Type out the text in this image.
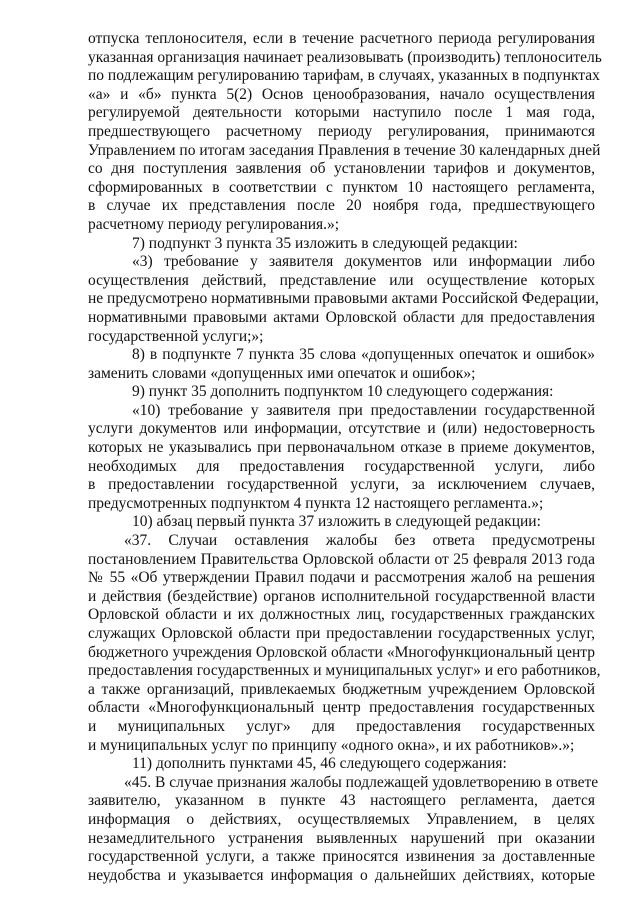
отпуска теплоносителя, если в течение расчетного периода регулирования

указанная организация начинает реализовывать (производить) теплоноситель

по подлежащим регулированию тарифам, в случаях, указанных в подпунктах

«а» и «б» пункта 5(2) Основ ценообразования, начало осуществления

регулируемой деятельности которыми наступило после 1 мая года,

предшествующего расчетному периоду регулирования, принимаются

Управлением по итогам заседания Правления в течение 30 календарных дней

со дня поступления заявления об установлении тарифов и документов,

сформированных в соответствии с пунктом 10 настоящего регламента,

в случае их представления после 20 ноября года, предшествующего

расчетному периоду регулирования.»;

7) подпункт 3 пункта 35 изложить в следующей редакции:

«3) требование у заявителя документов или информации либо

осуществления действий, представление или осуществление которых

не предусмотрено нормативными правовыми актами Российской Федерации,

нормативными правовыми актами Орловской области для предоставления

государственной услуги;»;

8) в подпункте 7 пункта 35 слова «допущенных опечаток и ошибок»

заменить словами «допущенных ими опечаток и ошибок»;

9) пункт 35 дополнить подпунктом 10 следующего содержания:

«10) требование у заявителя при предоставлении государственной

услуги документов или информации, отсутствие и (или) недостоверность

которых не указывались при первоначальном отказе в приеме документов,

необходимых для предоставления государственной услуги, либо

в предоставлении государственной услуги, за исключением случаев,

предусмотренных подпунктом 4 пункта 12 настоящего регламента.»;

10) абзац первый пункта 37 изложить в следующей редакции:

«37. Случаи оставления жалобы без ответа предусмотрены

постановлением Правительства Орловской области от 25 февраля 2013 года

№ 55 «Об утверждении Правил подачи и рассмотрения жалоб на решения

и действия (бездействие) органов исполнительной государственной власти

Орловской области и их должностных лиц, государственных гражданских

служащих Орловской области при предоставлении государственных услуг,

бюджетного учреждения Орловской области «Многофункциональный центр

предоставления государственных и муниципальных услуг» и его работников,

а также организаций, привлекаемых бюджетным учреждением Орловской

области «Многофункциональный центр предоставления государственных

и муниципальных услуг» для предоставления государственных

и муниципальных услуг по принципу «одного окна», и их работников».»;

11) дополнить пунктами 45, 46 следующего содержания:

«45. В случае признания жалобы подлежащей удовлетворению в ответе

заявителю, указанном в пункте 43 настоящего регламента, дается

информация о действиях, осуществляемых Управлением, в целях

незамедлительного устранения выявленных нарушений при оказании

государственной услуги, а также приносятся извинения за доставленные

неудобства и указывается информация о дальнейших действиях, которые
